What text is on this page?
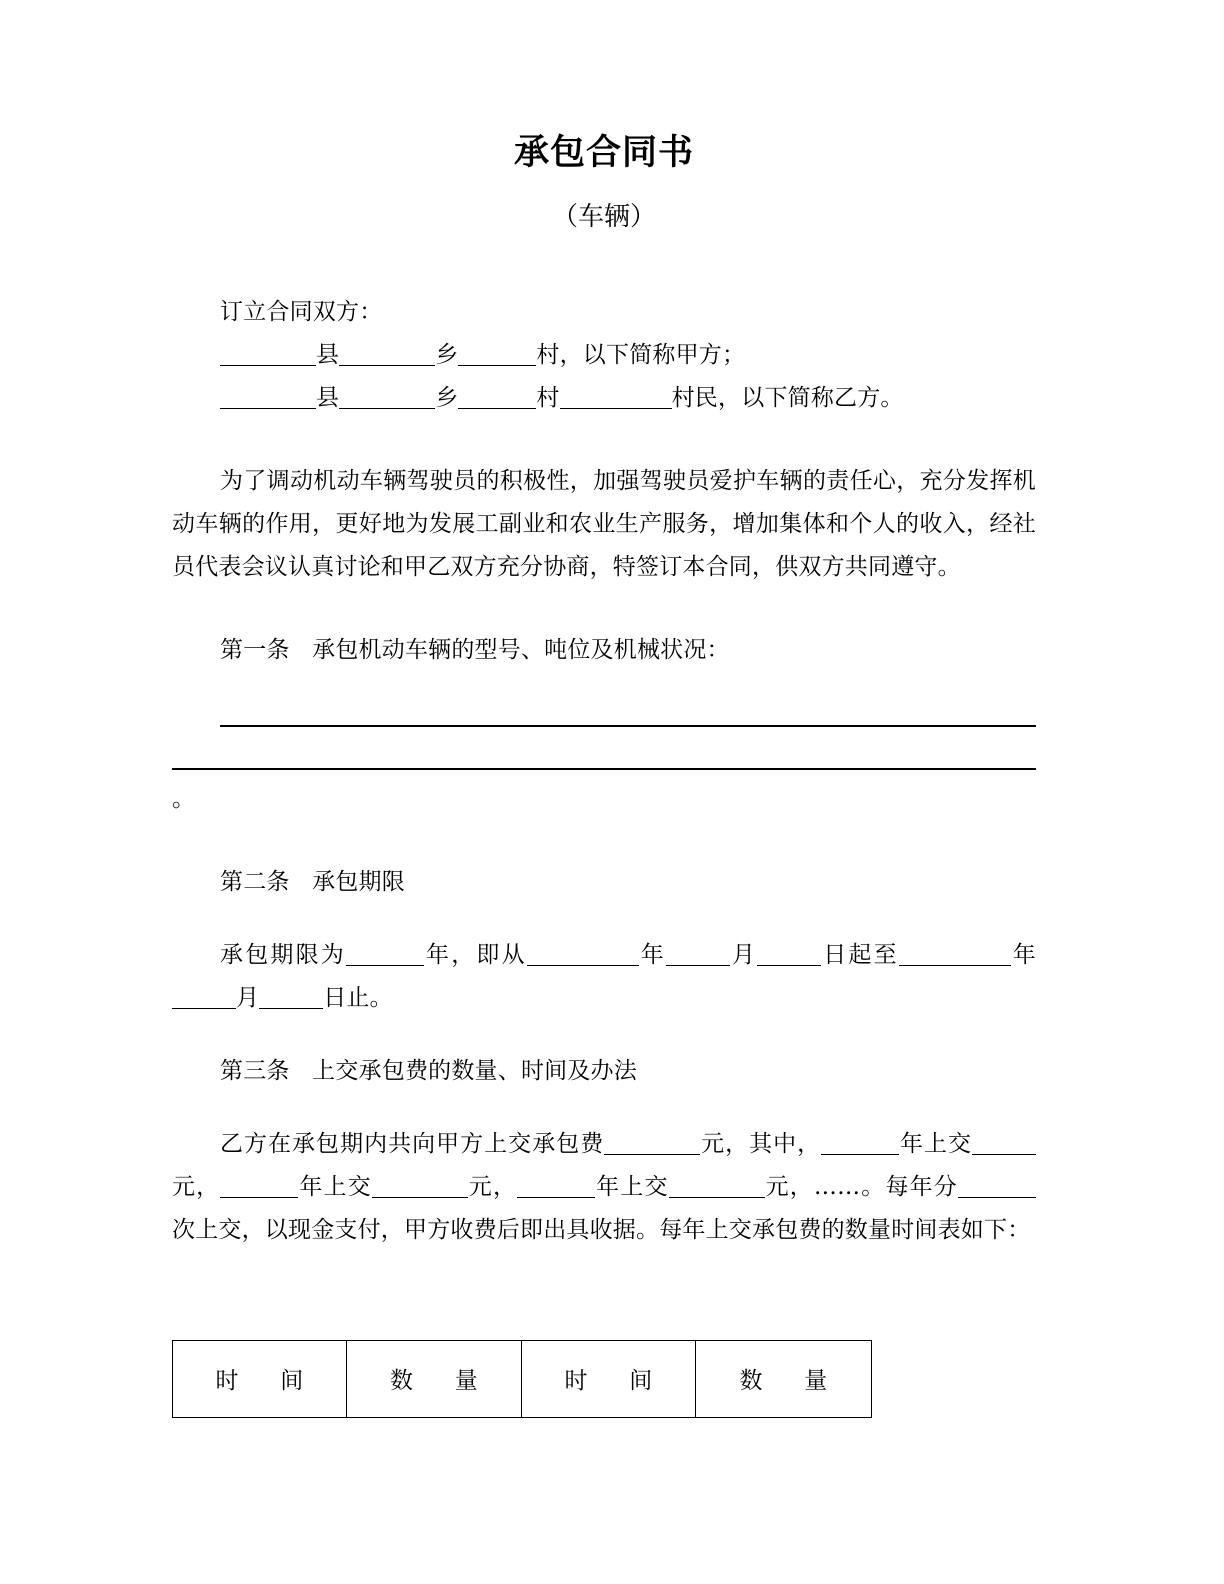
承包合同书
（车辆）

订立合同双方：

县	乡	村，以下简称甲方；

县	乡	村	村民，以下简称乙方。

为了调动机动车辆驾驶员的积极性，加强驾驶员爱护车辆的责任心，充分发挥机动车辆的作用，更好地为发展工副业和农业生产服务，增加集体和个人的收入，经社员代表会议认真讨论和甲乙双方充分协商，特签订本合同，供双方共同遵守。

第一条 承包机动车辆的型号、吨位及机械状况：

。

第二条 承包期限

承包期限为	年，即从	年	月	日起至	年月	日止。

第三条 上交承包费的数量、时间及办法

乙方在承包期内共向甲方上交承包费	元，其中，	年上交元，	年上交	元，	年上交	元，……。每年分次上交，以现金支付，甲方收费后即出具收据。每年上交承包费的数量时间表如下：

时间	数量	时间	数量
